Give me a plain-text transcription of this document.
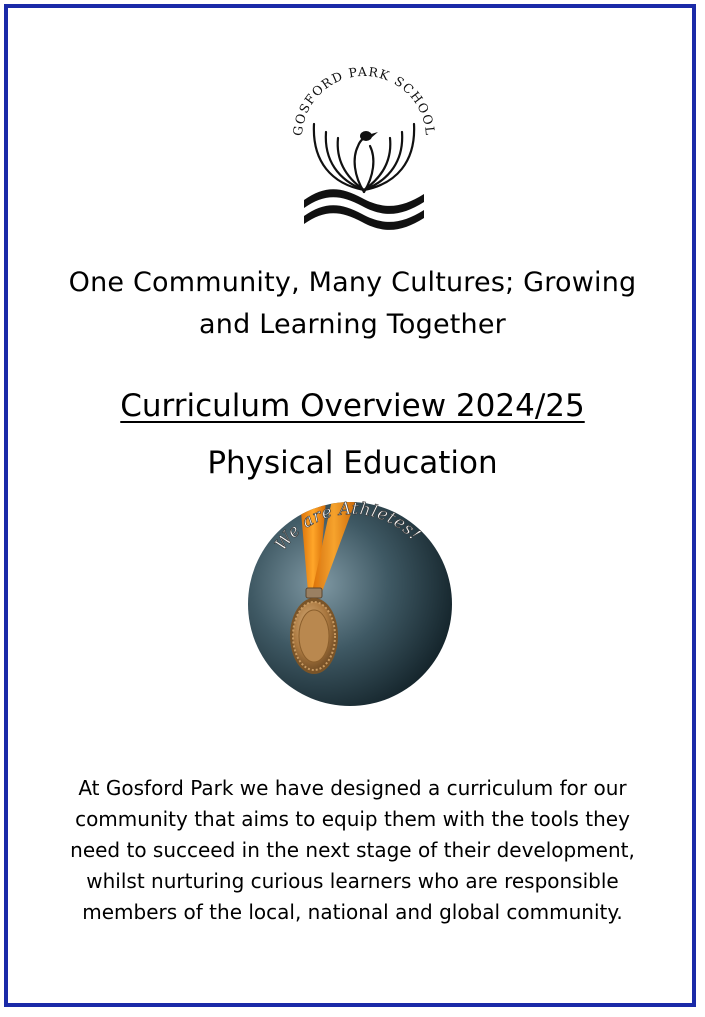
GOSFORD PARK SCHOOL
One Community, Many Cultures; Growing
and Learning Together
Curriculum Overview 2024/25
Physical Education
We are Athletes!
At Gosford Park we have designed a curriculum for our
community that aims to equip them with the tools they
need to succeed in the next stage of their development,
whilst nurturing curious learners who are responsible
members of the local, national and global community.
